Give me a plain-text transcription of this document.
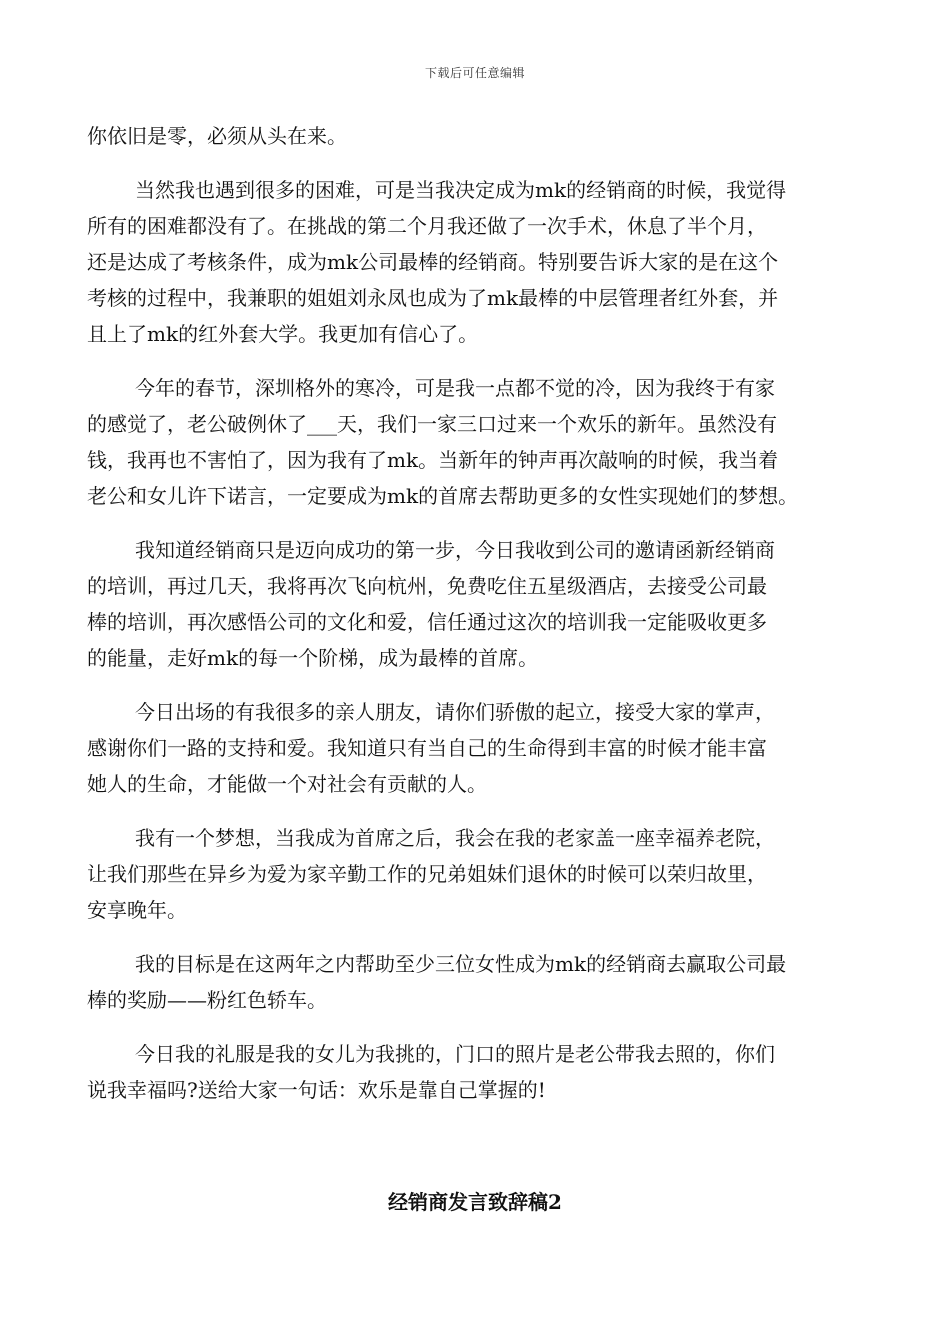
下载后可任意编辑
你依旧是零，必须从头在来。
当然我也遇到很多的困难，可是当我决定成为mk的经销商的时候，我觉得
所有的困难都没有了。在挑战的第二个月我还做了一次手术，休息了半个月，
还是达成了考核条件，成为mk公司最棒的经销商。特别要告诉大家的是在这个
考核的过程中，我兼职的姐姐刘永凤也成为了mk最棒的中层管理者红外套，并
且上了mk的红外套大学。我更加有信心了。
今年的春节，深圳格外的寒冷，可是我一点都不觉的冷，因为我终于有家
的感觉了，老公破例休了___天，我们一家三口过来一个欢乐的新年。虽然没有
钱，我再也不害怕了，因为我有了mk。当新年的钟声再次敲响的时候，我当着
老公和女儿许下诺言，一定要成为mk的首席去帮助更多的女性实现她们的梦想。
我知道经销商只是迈向成功的第一步，今日我收到公司的邀请函新经销商
的培训，再过几天，我将再次飞向杭州，免费吃住五星级酒店，去接受公司最
棒的培训，再次感悟公司的文化和爱，信任通过这次的培训我一定能吸收更多
的能量，走好mk的每一个阶梯，成为最棒的首席。
今日出场的有我很多的亲人朋友，请你们骄傲的起立，接受大家的掌声，
感谢你们一路的支持和爱。我知道只有当自己的生命得到丰富的时候才能丰富
她人的生命，才能做一个对社会有贡献的人。
我有一个梦想，当我成为首席之后，我会在我的老家盖一座幸福养老院，
让我们那些在异乡为爱为家辛勤工作的兄弟姐妹们退休的时候可以荣归故里，
安享晚年。
我的目标是在这两年之内帮助至少三位女性成为mk的经销商去赢取公司最
棒的奖励——粉红色轿车。
今日我的礼服是我的女儿为我挑的，门口的照片是老公带我去照的，你们
说我幸福吗?送给大家一句话：欢乐是靠自己掌握的!
经销商发言致辞稿2
